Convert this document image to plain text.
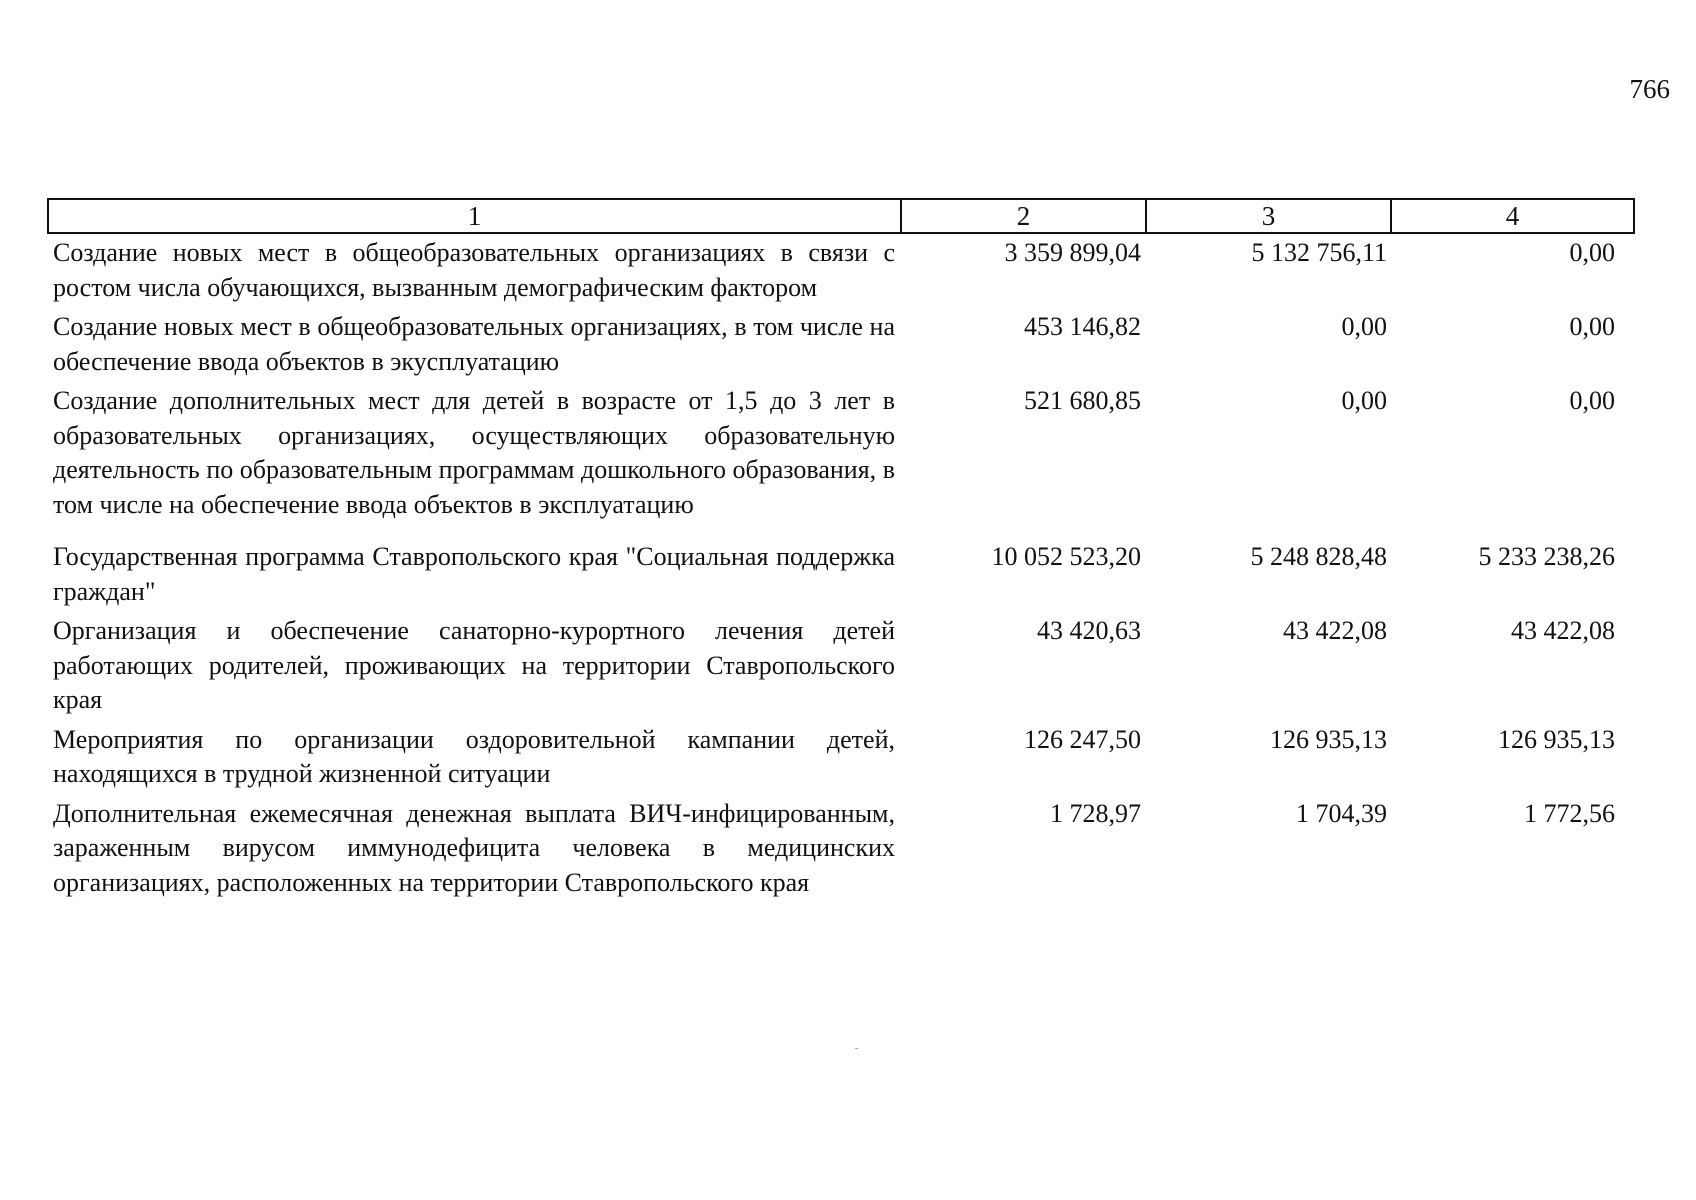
766
1	2	3	4
Создание новых мест в общеобразовательных организациях в связи с ростом числа обучающихся, вызванным демографическим фактором
3 359 899,04	5 132 756,11	0,00
Создание новых мест в общеобразовательных организациях, в том числе на обеспечение ввода объектов в экусплуатацию
453 146,82	0,00	0,00
Создание дополнительных мест для детей в возрасте от 1,5 до 3 лет в образовательных организациях, осуществляющих образовательную деятельность по образовательным программам дошкольного образования, в том числе на обеспечение ввода объектов в эксплуатацию
521 680,85	0,00	0,00
Государственная программа Ставропольского края "Социальная поддержка граждан"
10 052 523,20	5 248 828,48	5 233 238,26
Организация и обеспечение санаторно-курортного лечения детей работающих родителей, проживающих на территории Ставропольского края
43 420,63	43 422,08	43 422,08
Мероприятия по организации оздоровительной кампании детей, находящихся в трудной жизненной ситуации
126 247,50	126 935,13	126 935,13
Дополнительная ежемесячная денежная выплата ВИЧ-инфицированным, зараженным вирусом иммунодефицита человека в медицинских организациях, расположенных на территории Ставропольского края
1 728,97	1 704,39	1 772,56
